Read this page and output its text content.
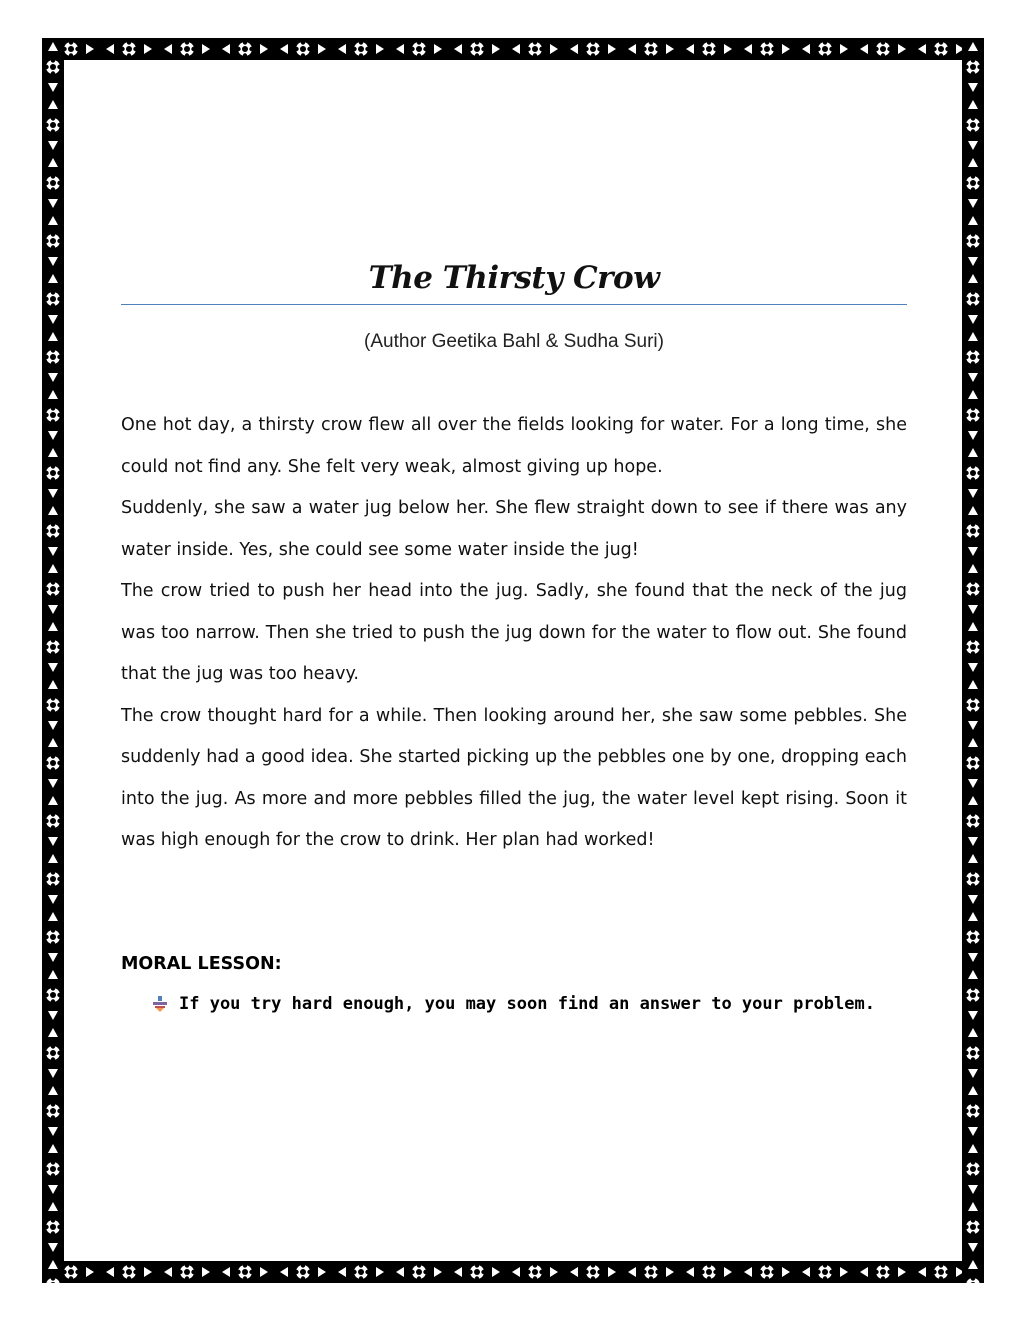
The Thirsty Crow
(Author Geetika Bahl & Sudha Suri)

One hot day, a thirsty crow flew all over the fields looking for water. For a long time, she could not find any. She felt very weak, almost giving up hope.

Suddenly, she saw a water jug below her. She flew straight down to see if there was any water inside. Yes, she could see some water inside the jug!

The crow tried to push her head into the jug. Sadly, she found that the neck of the jug was too narrow. Then she tried to push the jug down for the water to flow out. She found that the jug was too heavy.

The crow thought hard for a while. Then looking around her, she saw some pebbles. She suddenly had a good idea. She started picking up the pebbles one by one, dropping each into the jug. As more and more pebbles filled the jug, the water level kept rising. Soon it was high enough for the crow to drink. Her plan had worked!

MORAL LESSON:
If you try hard enough, you may soon find an answer to your problem.
